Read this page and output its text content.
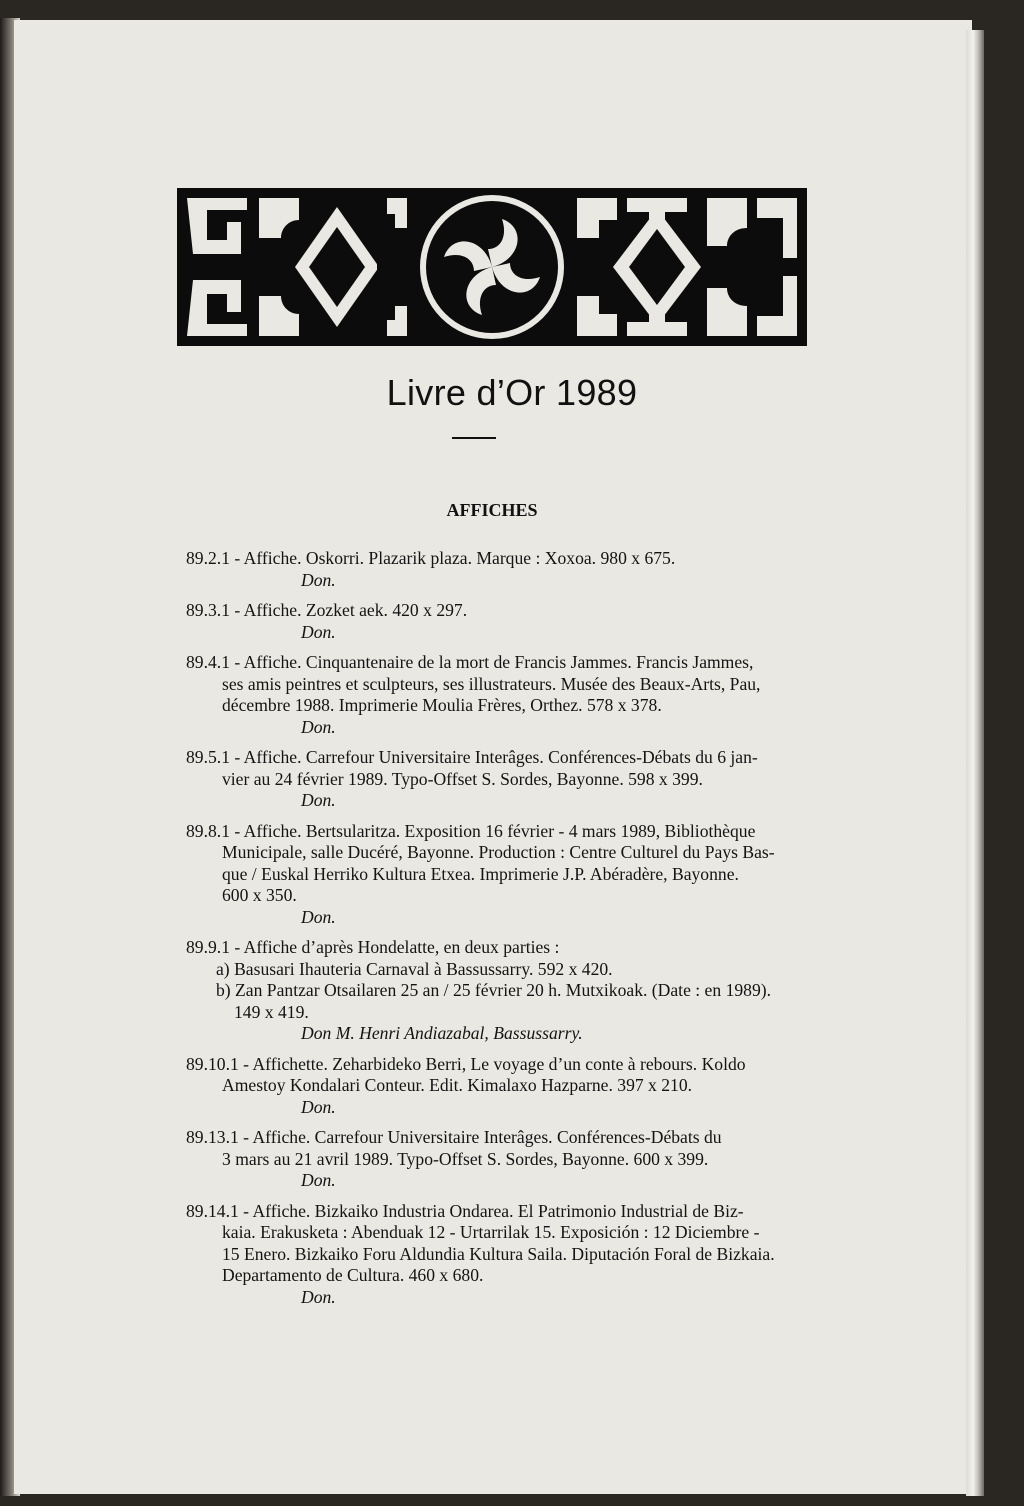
Livre d’Or 1989
AFFICHES
89.2.1 - Affiche. Oskorri. Plazarik plaza. Marque : Xoxoa. 980 x 675.
Don.
89.3.1 - Affiche. Zozket aek. 420 x 297.
Don.
89.4.1 - Affiche. Cinquantenaire de la mort de Francis Jammes. Francis Jammes,
ses amis peintres et sculpteurs, ses illustrateurs. Musée des Beaux-Arts, Pau,
décembre 1988. Imprimerie Moulia Frères, Orthez. 578 x 378.
Don.
89.5.1 - Affiche. Carrefour Universitaire Interâges. Conférences-Débats du 6 jan-
vier au 24 février 1989. Typo-Offset S. Sordes, Bayonne. 598 x 399.
Don.
89.8.1 - Affiche. Bertsularitza. Exposition 16 février - 4 mars 1989, Bibliothèque
Municipale, salle Ducéré, Bayonne. Production : Centre Culturel du Pays Bas-
que / Euskal Herriko Kultura Etxea. Imprimerie J.P. Abéradère, Bayonne.
600 x 350.
Don.
89.9.1 - Affiche d’après Hondelatte, en deux parties :
a) Basusari Ihauteria Carnaval à Bassussarry. 592 x 420.
b) Zan Pantzar Otsailaren 25 an / 25 février 20 h. Mutxikoak. (Date : en 1989).
149 x 419.
Don M. Henri Andiazabal, Bassussarry.
89.10.1 - Affichette. Zeharbideko Berri, Le voyage d’un conte à rebours. Koldo
Amestoy Kondalari Conteur. Edit. Kimalaxo Hazparne. 397 x 210.
Don.
89.13.1 - Affiche. Carrefour Universitaire Interâges. Conférences-Débats du
3 mars au 21 avril 1989. Typo-Offset S. Sordes, Bayonne. 600 x 399.
Don.
89.14.1 - Affiche. Bizkaiko Industria Ondarea. El Patrimonio Industrial de Biz-
kaia. Erakusketa : Abenduak 12 - Urtarrilak 15. Exposición : 12 Diciembre -
15 Enero. Bizkaiko Foru Aldundia Kultura Saila. Diputación Foral de Bizkaia.
Departamento de Cultura. 460 x 680.
Don.
